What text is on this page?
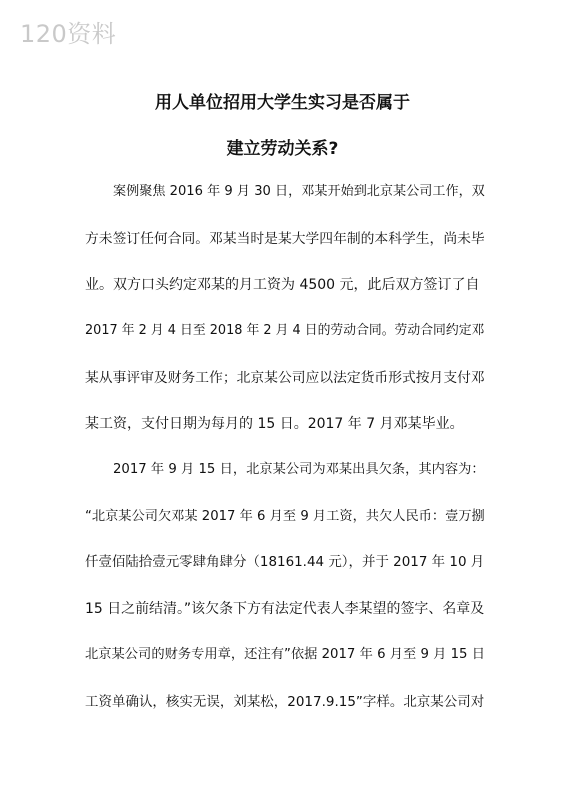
120资料
用人单位招用大学生实习是否属于
建立劳动关系?
案例聚焦 2016 年 9 月 30 日，邓某开始到北京某公司工作，双
方未签订任何合同。邓某当时是某大学四年制的本科学生，尚未毕
业。双方口头约定邓某的月工资为 4500 元，此后双方签订了自
2017 年 2 月 4 日至 2018 年 2 月 4 日的劳动合同。劳动合同约定邓
某从事评审及财务工作；北京某公司应以法定货币形式按月支付邓
某工资，支付日期为每月的 15 日。2017 年 7 月邓某毕业。
2017 年 9 月 15 日，北京某公司为邓某出具欠条，其内容为：
“北京某公司欠邓某 2017 年 6 月至 9 月工资，共欠人民币：壹万捌
仟壹佰陆拾壹元零肆角肆分（18161.44 元），并于 2017 年 10 月
15 日之前结清。”该欠条下方有法定代表人李某望的签字、名章及
北京某公司的财务专用章，还注有”依据 2017 年 6 月至 9 月 15 日
工资单确认，核实无误，刘某松，2017.9.15”字样。北京某公司对
